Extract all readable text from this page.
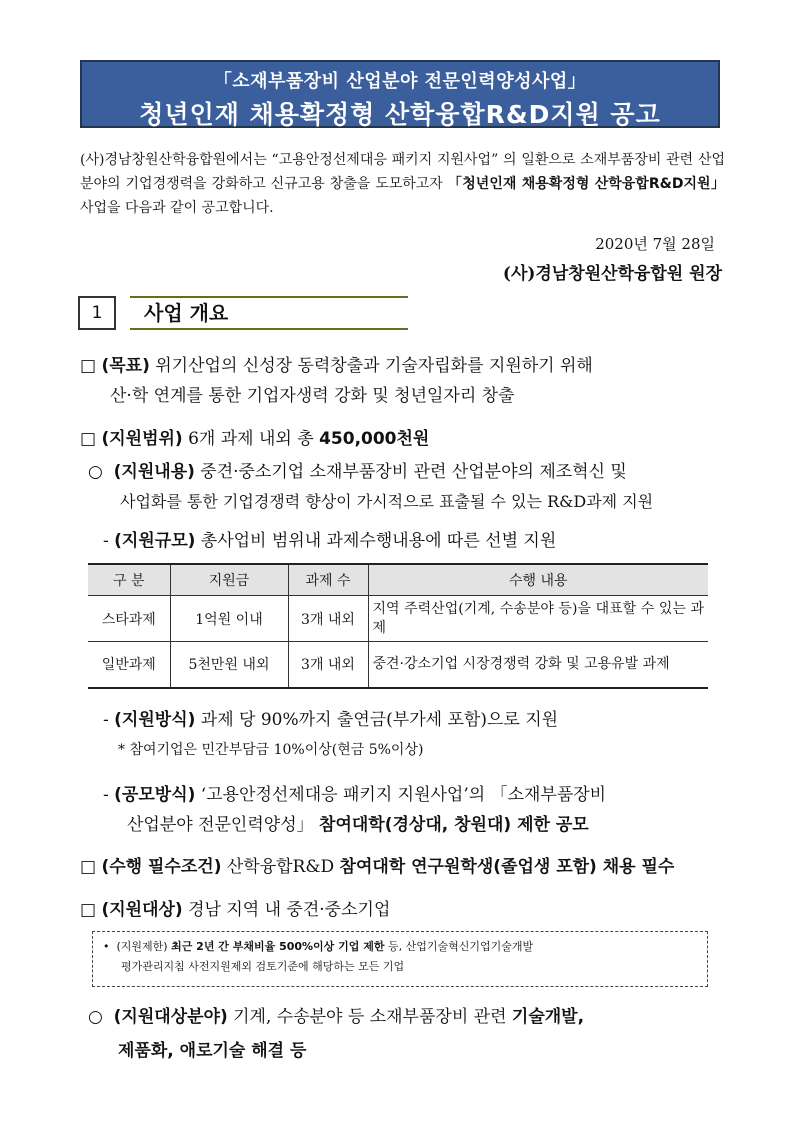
「소재부품장비 산업분야 전문인력양성사업」
청년인재 채용확정형 산학융합R&D지원 공고
(사)경남창원산학융합원에서는 “고용안정선제대응 패키지 지원사업” 의 일환으로 소재부품장비 관련 산업분야의 기업경쟁력을 강화하고 신규고용 창출을 도모하고자 「청년인재 채용확정형 산학융합R&D지원」 사업을 다음과 같이 공고합니다.
2020년 7월 28일
(사)경남창원산학융합원 원장
1	사업 개요
□ (목표) 위기산업의 신성장 동력창출과 기술자립화를 지원하기 위해
산·학 연계를 통한 기업자생력 강화 및 청년일자리 창출
□ (지원범위) 6개 과제 내외 총 450,000천원
○ (지원내용) 중견·중소기업 소재부품장비 관련 산업분야의 제조혁신 및
사업화를 통한 기업경쟁력 향상이 가시적으로 표출될 수 있는 R&D과제 지원
- (지원규모) 총사업비 범위내 과제수행내용에 따른 선별 지원
구 분	지원금	과제 수	수행 내용
스타과제	1억원 이내	3개 내외	지역 주력산업(기계, 수송분야 등)을 대표할 수 있는 과제
일반과제	5천만원 내외	3개 내외	중견·강소기업 시장경쟁력 강화 및 고용유발 과제
- (지원방식) 과제 당 90%까지 출연금(부가세 포함)으로 지원
* 참여기업은 민간부담금 10%이상(현금 5%이상)
- (공모방식) ‘고용안정선제대응 패키지 지원사업’의 「소재부품장비
산업분야 전문인력양성」 참여대학(경상대, 창원대) 제한 공모
□ (수행 필수조건) 산학융합R&D 참여대학 연구원학생(졸업생 포함) 채용 필수
□ (지원대상) 경남 지역 내 중견·중소기업
• (지원제한) 최근 2년 간 부채비율 500%이상 기업 제한 등, 산업기술혁신기업기술개발
평가관리지침 사전지원제외 검토기준에 해당하는 모든 기업
○ (지원대상분야) 기계, 수송분야 등 소재부품장비 관련 기술개발,
제품화, 애로기술 해결 등
